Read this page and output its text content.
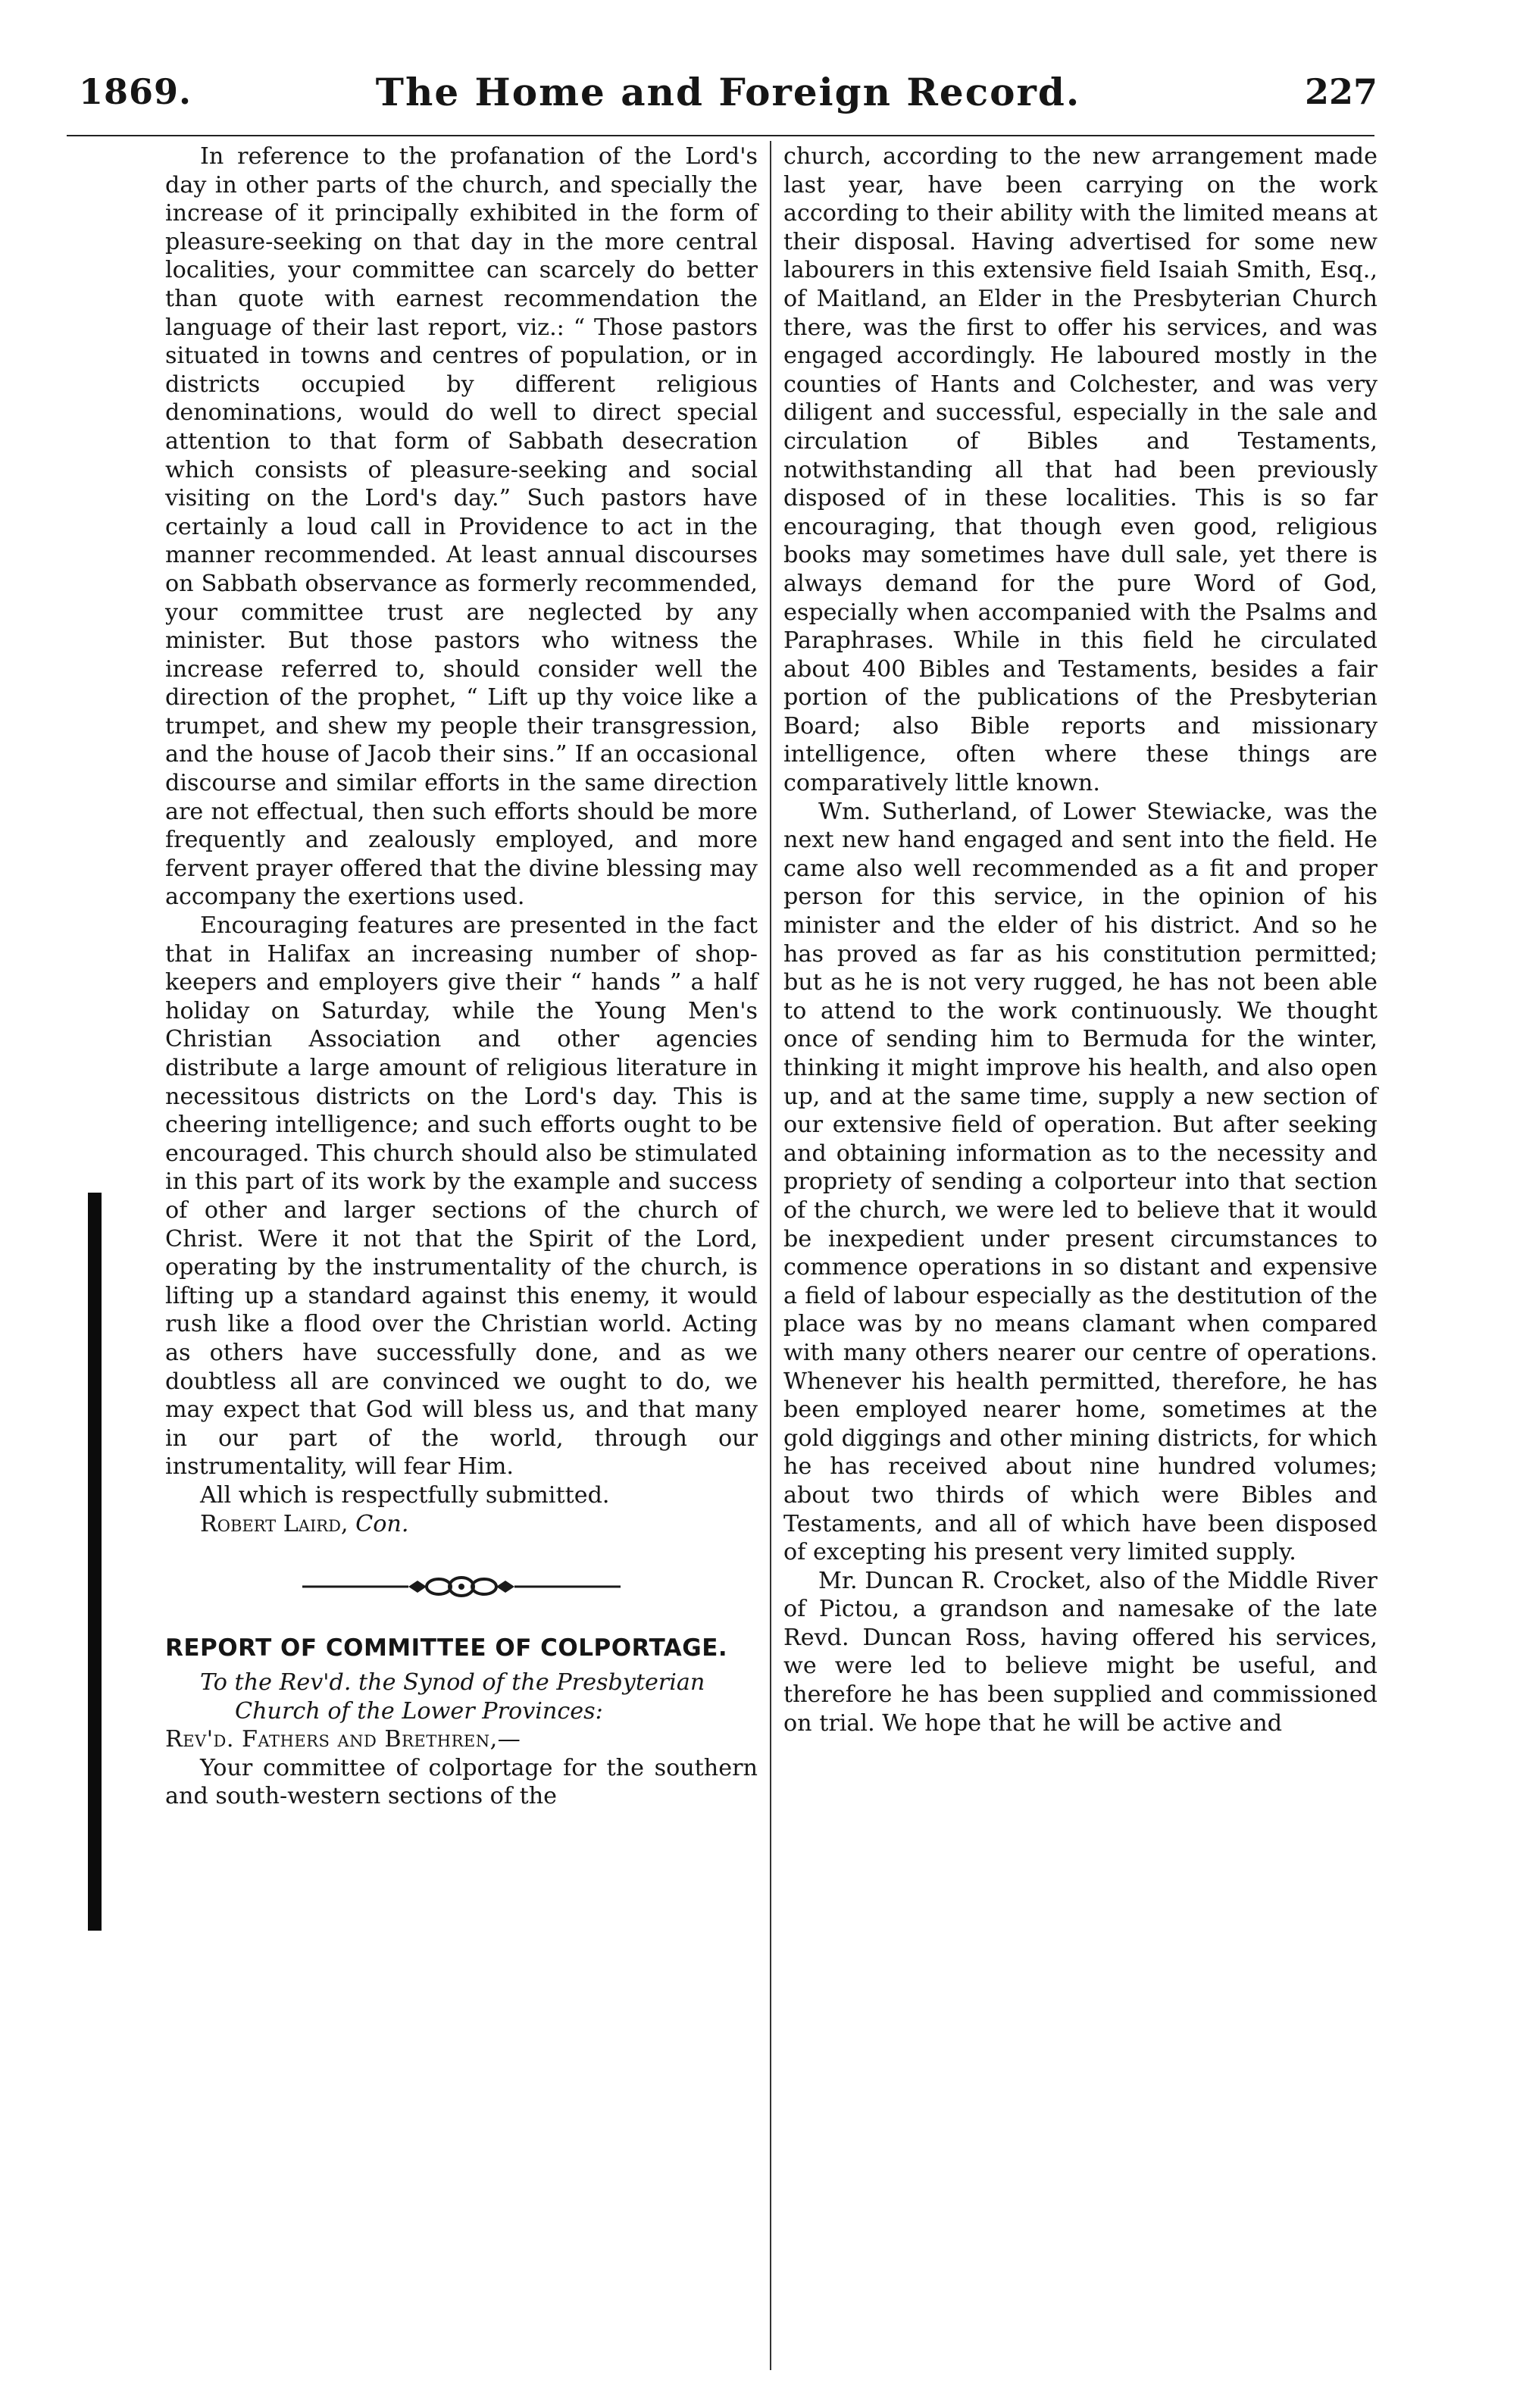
1869.	The Home and Foreign Record.	227

In reference to the profanation of the Lord's day in other parts of the church, and specially the increase of it principally exhibited in the form of pleasure-seeking on that day in the more central localities, your committee can scarcely do better than quote with earnest recommendation the language of their last report, viz.: “ Those pastors situated in towns and centres of population, or in districts occupied by different religious denominations, would do well to direct special attention to that form of Sabbath desecration which consists of pleasure-seeking and social visiting on the Lord's day.” Such pastors have certainly a loud call in Providence to act in the manner recommended. At least annual discourses on Sabbath observance as formerly recommended, your committee trust are neglected by any minister. But those pastors who witness the increase referred to, should consider well the direction of the prophet, “ Lift up thy voice like a trumpet, and shew my people their transgression, and the house of Jacob their sins.” If an occasional discourse and similar efforts in the same direction are not effectual, then such efforts should be more frequently and zealously employed, and more fervent prayer offered that the divine blessing may accompany the exertions used.

Encouraging features are presented in the fact that in Halifax an increasing number of shop-keepers and employers give their “ hands ” a half holiday on Saturday, while the Young Men's Christian Association and other agencies distribute a large amount of religious literature in necessitous districts on the Lord's day. This is cheering intelligence; and such efforts ought to be encouraged. This church should also be stimulated in this part of its work by the example and success of other and larger sections of the church of Christ. Were it not that the Spirit of the Lord, operating by the instrumentality of the church, is lifting up a standard against this enemy, it would rush like a flood over the Christian world. Acting as others have successfully done, and as we doubtless all are convinced we ought to do, we may expect that God will bless us, and that many in our part of the world, through our instrumentality, will fear Him.

All which is respectfully submitted.

Robert Laird, Con.

REPORT OF COMMITTEE OF COLPORTAGE.

To the Rev'd. the Synod of the Presbyterian
Church of the Lower Provinces:

Rev'd. Fathers and Brethren,—

Your committee of colportage for the southern and south-western sections of the

church, according to the new arrangement made last year, have been carrying on the work according to their ability with the limited means at their disposal. Having advertised for some new labourers in this extensive field Isaiah Smith, Esq., of Maitland, an Elder in the Presbyterian Church there, was the first to offer his services, and was engaged accordingly. He laboured mostly in the counties of Hants and Colchester, and was very diligent and successful, especially in the sale and circulation of Bibles and Testaments, notwithstanding all that had been previously disposed of in these localities. This is so far encouraging, that though even good, religious books may sometimes have dull sale, yet there is always demand for the pure Word of God, especially when accompanied with the Psalms and Paraphrases. While in this field he circulated about 400 Bibles and Testaments, besides a fair portion of the publications of the Presbyterian Board; also Bible reports and missionary intelligence, often where these things are comparatively little known.

Wm. Sutherland, of Lower Stewiacke, was the next new hand engaged and sent into the field. He came also well recommended as a fit and proper person for this service, in the opinion of his minister and the elder of his district. And so he has proved as far as his constitution permitted; but as he is not very rugged, he has not been able to attend to the work continuously. We thought once of sending him to Bermuda for the winter, thinking it might improve his health, and also open up, and at the same time, supply a new section of our extensive field of operation. But after seeking and obtaining information as to the necessity and propriety of sending a colporteur into that section of the church, we were led to believe that it would be inexpedient under present circumstances to commence operations in so distant and expensive a field of labour especially as the destitution of the place was by no means clamant when compared with many others nearer our centre of operations. Whenever his health permitted, therefore, he has been employed nearer home, sometimes at the gold diggings and other mining districts, for which he has received about nine hundred volumes; about two thirds of which were Bibles and Testaments, and all of which have been disposed of excepting his present very limited supply.

Mr. Duncan R. Crocket, also of the Middle River of Pictou, a grandson and namesake of the late Revd. Duncan Ross, having offered his services, we were led to believe might be useful, and therefore he has been supplied and commissioned on trial. We hope that he will be active and
